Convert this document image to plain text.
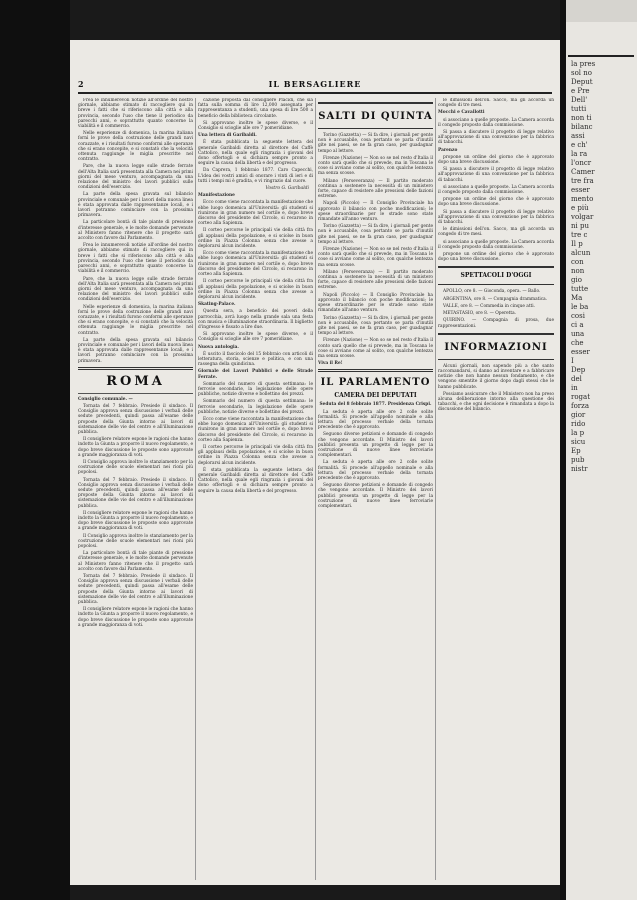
2	IL BERSAGLIERE

Frea le innumerevoli notizie all'ordine del nostro giornale, abbiamo stimato di raccogliere qui in breve i fatti che si riferiscono alla città e alla provincia, secondo l'uso che tiene il periodico da parecchi anni, e soprattutto quanto concerne la viabilità e il commercio.

Nelle esperienze di domenica, la marina italiana fornì le prove della costruzione delle grandi navi corazzate, e i risultati furono conformi alle speranze che si erano concepite, e si constatò che la velocità ottenuta raggiunge le miglia prescritte nel contratto.

Pare, che la nuova legge sulle strade ferrate dell'Alta Italia sarà presentata alla Camera nei primi giorni del mese venturo, accompagnata da una relazione del ministro dei lavori pubblici sulle condizioni dell'esercizio.

La parte della spesa gravata sul bilancio provinciale e comunale per i lavori della nuova linea è stata approvata dalle rappresentanze locali, e i lavori potranno cominciare con la prossima primavera.

La particolare bontà di tale piante di pressione d'interesse generale, e le molte domande pervenute al Ministero fanno ritenere che il progetto sarà accolto con favore dal Parlamento.

Frea le innumerevoli notizie all'ordine del nostro giornale, abbiamo stimato di raccogliere qui in breve i fatti che si riferiscono alla città e alla provincia, secondo l'uso che tiene il periodico da parecchi anni, e soprattutto quanto concerne la viabilità e il commercio.

Pare, che la nuova legge sulle strade ferrate dell'Alta Italia sarà presentata alla Camera nei primi giorni del mese venturo, accompagnata da una relazione del ministro dei lavori pubblici sulle condizioni dell'esercizio.

Nelle esperienze di domenica, la marina italiana fornì le prove della costruzione delle grandi navi corazzate, e i risultati furono conformi alle speranze che si erano concepite, e si constatò che la velocità ottenuta raggiunge le miglia prescritte nel contratto.

La parte della spesa gravata sul bilancio provinciale e comunale per i lavori della nuova linea è stata approvata dalle rappresentanze locali, e i lavori potranno cominciare con la prossima primavera.

ROMA

Consiglio comunale. —

Tornata del 7 febbraio. Presiede il sindaco. Il Consiglio approva senza discussione i verbali delle sedute precedenti, quindi passa all'esame delle proposte della Giunta intorno ai lavori di sistemazione delle vie del centro e all'illuminazione pubblica.

Il consigliere relatore espone le ragioni che hanno indotto la Giunta a proporre il nuovo regolamento, e dopo breve discussione le proposte sono approvate a grande maggioranza di voti.

Il Consiglio approva inoltre lo stanziamento per la costruzione delle scuole elementari nei rioni più popolosi.

Tornata del 7 febbraio. Presiede il sindaco. Il Consiglio approva senza discussione i verbali delle sedute precedenti, quindi passa all'esame delle proposte della Giunta intorno ai lavori di sistemazione delle vie del centro e all'illuminazione pubblica.

Il consigliere relatore espone le ragioni che hanno indotto la Giunta a proporre il nuovo regolamento, e dopo breve discussione le proposte sono approvate a grande maggioranza di voti.

Il Consiglio approva inoltre lo stanziamento per la costruzione delle scuole elementari nei rioni più popolosi.

La particolare bontà di tale piante di pressione d'interesse generale, e le molte domande pervenute al Ministero fanno ritenere che il progetto sarà accolto con favore dal Parlamento.

Tornata del 7 febbraio. Presiede il sindaco. Il Consiglio approva senza discussione i verbali delle sedute precedenti, quindi passa all'esame delle proposte della Giunta intorno ai lavori di sistemazione delle vie del centro e all'illuminazione pubblica.

Il consigliere relatore espone le ragioni che hanno indotto la Giunta a proporre il nuovo regolamento, e dopo breve discussione le proposte sono approvate a grande maggioranza di voti.

cazione proposta dal consigliere Placidi, che sia fatta sulla somma di lire 12,000 assegnata per rappresentanza a studenti, una spesa di lire 500 a beneficio della biblioteca circolante.

Si approvano inoltre le spese diverse, e il Consiglio si scioglie alle ore 7 pomeridiane.

Una lettera di Garibaldi.

È stata pubblicata la seguente lettera del generale Garibaldi diretta al direttore del Caffè Cattolico, nella quale egli ringrazia i giovani del dono offertogli e si dichiara sempre pronto a seguire la causa della libertà e del progresso.

Da Caprera, 1 febbraio 1877. Caro Capecchi, L'idea dei vostri amici di onorare i vinti di ieri e di tutti i tempi mi è gradita, e vi ringrazio dal cuore.

Vostro G. Garibaldi

Manifestazione

Ecco come viene raccontata la manifestazione che ebbe luogo domenica all'Università: gli studenti si riunirono in gran numero nel cortile e, dopo breve discorso del presidente del Circolo, si recarono in corteo alla Sapienza.

Il corteo percorse le principali vie della città fra gli applausi della popolazione, e si sciolse in buon ordine in Piazza Colonna senza che avesse a deplorarsi alcun incidente.

Ecco come viene raccontata la manifestazione che ebbe luogo domenica all'Università: gli studenti si riunirono in gran numero nel cortile e, dopo breve discorso del presidente del Circolo, si recarono in corteo alla Sapienza.

Il corteo percorse le principali vie della città fra gli applausi della popolazione, e si sciolse in buon ordine in Piazza Colonna senza che avesse a deplorarsi alcun incidente.

Skating-Palace.

Questa sera, a beneficio dei poveri della parrocchia, avrà luogo nella grande sala una festa con musica e illuminazione straordinaria. Il biglietto d'ingresso è fissato a lire due.

Si approvano inoltre le spese diverse, e il Consiglio si scioglie alle ore 7 pomeridiane.

Nuova antologia.

È uscito il fascicolo del 15 febbraio con articoli di letteratura, storia, scienze e politica, e con una rassegna della quindicina.

Giornale dei Lavori Pubblici e delle Strade Ferrate.

Sommario del numero di questa settimana: le ferrovie secondarie, la legislazione delle opere pubbliche, notizie diverse e bollettino dei prezzi.

Sommario del numero di questa settimana: le ferrovie secondarie, la legislazione delle opere pubbliche, notizie diverse e bollettino dei prezzi.

Ecco come viene raccontata la manifestazione che ebbe luogo domenica all'Università: gli studenti si riunirono in gran numero nel cortile e, dopo breve discorso del presidente del Circolo, si recarono in corteo alla Sapienza.

Il corteo percorse le principali vie della città fra gli applausi della popolazione, e si sciolse in buon ordine in Piazza Colonna senza che avesse a deplorarsi alcun incidente.

È stata pubblicata la seguente lettera del generale Garibaldi diretta al direttore del Caffè Cattolico, nella quale egli ringrazia i giovani del dono offertogli e si dichiara sempre pronto a seguire la causa della libertà e del progresso.

SALTI DI QUINTA

Torino (Gazzetta) — Si fa dire, i giornali per gente non è accusabile, cosa pertanto se parla d'inutili gite nei paesi, se ne fa gran caso, per guadagnar tempo al lettore.

Firenze (Nazione) — Non so se nel resto d'Italia il conto sarà quello che si prevede, ma in Toscana le cose si avviano come al solito, con qualche lentezza ma senza scosse.

Milano (Perseveranza) — Il partito moderato continua a sostenere la necessità di un ministero forte, capace di resistere alle pressioni delle fazioni estreme.

Napoli (Piccolo) — Il Consiglio Provinciale ha approvato il bilancio con poche modificazioni; le spese straordinarie per le strade sono state rimandate all'anno venturo.

Torino (Gazzetta) — Si fa dire, i giornali per gente non è accusabile, cosa pertanto se parla d'inutili gite nei paesi, se ne fa gran caso, per guadagnar tempo al lettore.

Firenze (Nazione) — Non so se nel resto d'Italia il conto sarà quello che si prevede, ma in Toscana le cose si avviano come al solito, con qualche lentezza ma senza scosse.

Milano (Perseveranza) — Il partito moderato continua a sostenere la necessità di un ministero forte, capace di resistere alle pressioni delle fazioni estreme.

Napoli (Piccolo) — Il Consiglio Provinciale ha approvato il bilancio con poche modificazioni; le spese straordinarie per le strade sono state rimandate all'anno venturo.

Torino (Gazzetta) — Si fa dire, i giornali per gente non è accusabile, cosa pertanto se parla d'inutili gite nei paesi, se ne fa gran caso, per guadagnar tempo al lettore.

Firenze (Nazione) — Non so se nel resto d'Italia il conto sarà quello che si prevede, ma in Toscana le cose si avviano come al solito, con qualche lentezza ma senza scosse.

Viva il Re!

IL PARLAMENTO
CAMERA DEI DEPUTATI

Seduta del 8 febbraio 1877. Presidenza Crispi.

La seduta è aperta alle ore 2 colle solite formalità. Si procede all'appello nominale e alla lettura del processo verbale della tornata precedente che è approvato.

Seguono diverse petizioni e domande di congedo che vengono accordate. Il Ministro dei lavori pubblici presenta un progetto di legge per la costruzione di nuove linee ferroviarie complementari.

La seduta è aperta alle ore 2 colle solite formalità. Si procede all'appello nominale e alla lettura del processo verbale della tornata precedente che è approvato.

Seguono diverse petizioni e domande di congedo che vengono accordate. Il Ministro dei lavori pubblici presenta un progetto di legge per la costruzione di nuove linee ferroviarie complementari.

le dimissioni dell'on. Sacco, ma gli accorda un congedo di tre mesi.

Mocchi e Cavallotti

si associano a quelle proposte. La Camera accorda il congedo proposto dalla commissione.

Si passa a discutere il progetto di legge relativo all'approvazione di una convenzione per la fabbrica di tabacchi.

Parenzo

propone un ordine del giorno che è approvato dopo una breve discussione.

Si passa a discutere il progetto di legge relativo all'approvazione di una convenzione per la fabbrica di tabacchi.

si associano a quelle proposte. La Camera accorda il congedo proposto dalla commissione.

propone un ordine del giorno che è approvato dopo una breve discussione.

Si passa a discutere il progetto di legge relativo all'approvazione di una convenzione per la fabbrica di tabacchi.

le dimissioni dell'on. Sacco, ma gli accorda un congedo di tre mesi.

si associano a quelle proposte. La Camera accorda il congedo proposto dalla commissione.

propone un ordine del giorno che è approvato dopo una breve discussione.

SPETTACOLI D'OGGI

APOLLO, ore 8. — Gioconda, opera. — Ballo.

ARGENTINA, ore 8. — Compagnia drammatica.

VALLE, ore 8. — Commedia in cinque atti.

METASTASIO, ore 8. — Operetta.

QUIRINO. — Compagnia di prosa, due rappresentazioni.

INFORMAZIONI

Alcuni giornali, non sapendo più a che santo raccomandarsi, si danno ad inventare e a fabbricare notizie che non hanno nessun fondamento, e che vengono smentite il giorno dopo dagli stessi che le hanno pubblicate.

Possiamo assicurare che il Ministero non ha preso alcuna deliberazione intorno alla questione dei tabacchi, e che ogni decisione è rimandata a dopo la discussione del bilancio.

la pres

sol no

Deput

e Pre

Dell'

tutti

non ti

bilanc

assi

e ch'

la ra

l'oncr

Camer

tre fra

esser

mento

e più

volgar

ni pu

tre c

Il p

alcun

con

non

gio

tutte

Ma

le ba

cosi

ci a

una

che

esser

I

Dep

del

in

rogat

forza

gior

rido

la p

sicu

Ep

pub

nistr
